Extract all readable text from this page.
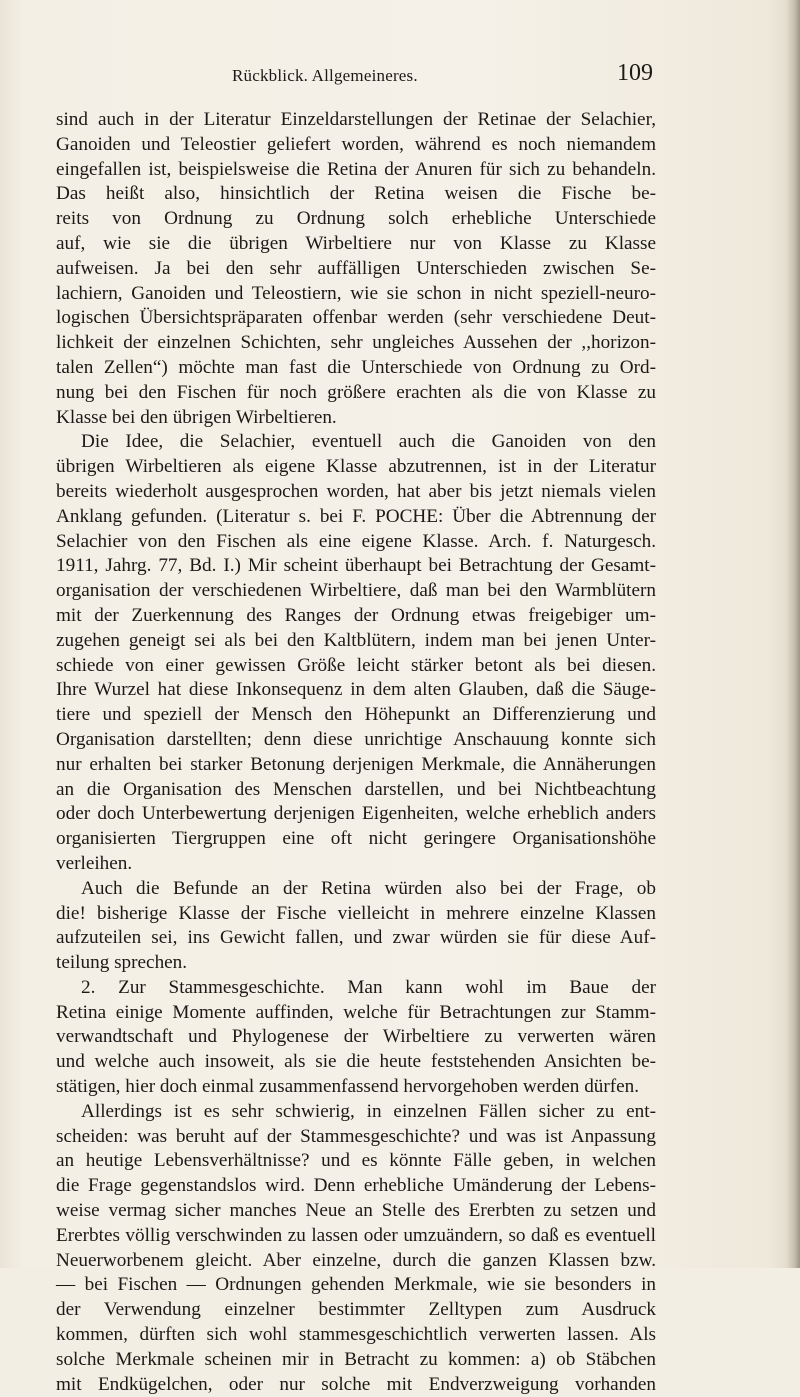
Rückblick. Allgemeineres.	109
sind auch in der Literatur Einzeldarstellungen der Retinae der Selachier,
Ganoiden und Teleostier geliefert worden, während es noch niemandem
eingefallen ist, beispielsweise die Retina der Anuren für sich zu behandeln.
Das heißt also, hinsichtlich der Retina weisen die Fische be-
reits von Ordnung zu Ordnung solch erhebliche Unterschiede
auf, wie sie die übrigen Wirbeltiere nur von Klasse zu Klasse
aufweisen. Ja bei den sehr auffälligen Unterschieden zwischen Se-
lachiern, Ganoiden und Teleostiern, wie sie schon in nicht speziell-neuro-
logischen Übersichtspräparaten offenbar werden (sehr verschiedene Deut-
lichkeit der einzelnen Schichten, sehr ungleiches Aussehen der ,,horizon-
talen Zellen“) möchte man fast die Unterschiede von Ordnung zu Ord-
nung bei den Fischen für noch größere erachten als die von Klasse zu
Klasse bei den übrigen Wirbeltieren.
Die Idee, die Selachier, eventuell auch die Ganoiden von den
übrigen Wirbeltieren als eigene Klasse abzutrennen, ist in der Literatur
bereits wiederholt ausgesprochen worden, hat aber bis jetzt niemals vielen
Anklang gefunden. (Literatur s. bei F. POCHE: Über die Abtrennung der
Selachier von den Fischen als eine eigene Klasse. Arch. f. Naturgesch.
1911, Jahrg. 77, Bd. I.) Mir scheint überhaupt bei Betrachtung der Gesamt-
organisation der verschiedenen Wirbeltiere, daß man bei den Warmblütern
mit der Zuerkennung des Ranges der Ordnung etwas freigebiger um-
zugehen geneigt sei als bei den Kaltblütern, indem man bei jenen Unter-
schiede von einer gewissen Größe leicht stärker betont als bei diesen.
Ihre Wurzel hat diese Inkonsequenz in dem alten Glauben, daß die Säuge-
tiere und speziell der Mensch den Höhepunkt an Differenzierung und
Organisation darstellten; denn diese unrichtige Anschauung konnte sich
nur erhalten bei starker Betonung derjenigen Merkmale, die Annäherungen
an die Organisation des Menschen darstellen, und bei Nichtbeachtung
oder doch Unterbewertung derjenigen Eigenheiten, welche erheblich anders
organisierten Tiergruppen eine oft nicht geringere Organisationshöhe
verleihen.
Auch die Befunde an der Retina würden also bei der Frage, ob
die! bisherige Klasse der Fische vielleicht in mehrere einzelne Klassen
aufzuteilen sei, ins Gewicht fallen, und zwar würden sie für diese Auf-
teilung sprechen.
2. Zur Stammesgeschichte. Man kann wohl im Baue der
Retina einige Momente auffinden, welche für Betrachtungen zur Stamm-
verwandtschaft und Phylogenese der Wirbeltiere zu verwerten wären
und welche auch insoweit, als sie die heute feststehenden Ansichten be-
stätigen, hier doch einmal zusammenfassend hervorgehoben werden dürfen.
Allerdings ist es sehr schwierig, in einzelnen Fällen sicher zu ent-
scheiden: was beruht auf der Stammesgeschichte? und was ist Anpassung
an heutige Lebensverhältnisse? und es könnte Fälle geben, in welchen
die Frage gegenstandslos wird. Denn erhebliche Umänderung der Lebens-
weise vermag sicher manches Neue an Stelle des Ererbten zu setzen und
Ererbtes völlig verschwinden zu lassen oder umzuändern, so daß es eventuell
Neuerworbenem gleicht. Aber einzelne, durch die ganzen Klassen bzw.
— bei Fischen — Ordnungen gehenden Merkmale, wie sie besonders in
der Verwendung einzelner bestimmter Zelltypen zum Ausdruck
kommen, dürften sich wohl stammesgeschichtlich verwerten lassen. Als
solche Merkmale scheinen mir in Betracht zu kommen: a) ob Stäbchen
mit Endkügelchen, oder nur solche mit Endverzweigung vorhanden
